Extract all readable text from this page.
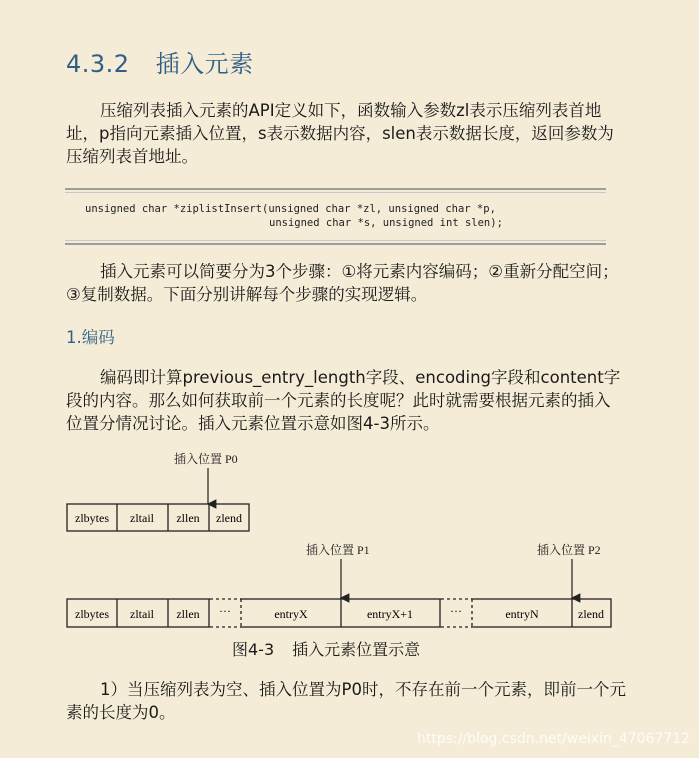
4.3.2 插入元素

压缩列表插入元素的API定义如下，函数输入参数zl表示压缩列表首地址，p指向元素插入位置，s表示数据内容，slen表示数据长度，返回参数为压缩列表首地址。

unsigned char *ziplistInsert(unsigned char *zl, unsigned char *p,
unsigned char *s, unsigned int slen);

插入元素可以简要分为3个步骤：①将元素内容编码；②重新分配空间；③复制数据。下面分别讲解每个步骤的实现逻辑。

1.编码

编码即计算previous_entry_length字段、encoding字段和content字段的内容。那么如何获取前一个元素的长度呢？此时就需要根据元素的插入位置分情况讨论。插入元素位置示意如图4-3所示。

插入位置 P0
zlbytes zltail zllen zlend
插入位置 P1	插入位置 P2
zlbytes zltail zllen ···	entryX	entryX+1	···	entryN	zlend
图4-3 插入元素位置示意

1）当压缩列表为空、插入位置为P0时，不存在前一个元素，即前一个元素的长度为0。

https://blog.csdn.net/weixin_47067712
